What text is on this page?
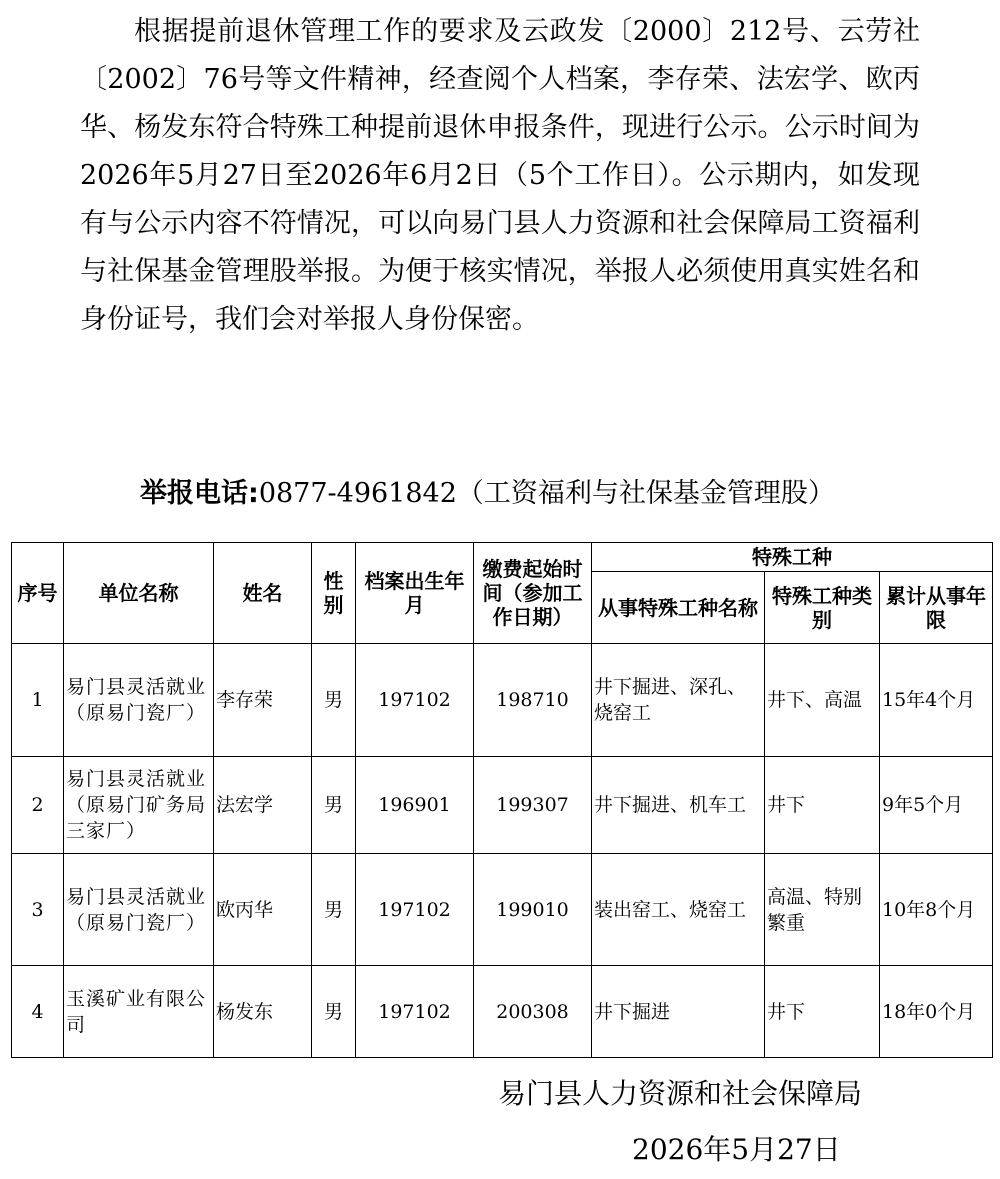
根据提前退休管理工作的要求及云政发〔2000〕212号、云劳社〔2002〕76号等文件精神，经查阅个人档案，李存荣、法宏学、欧丙华、杨发东符合特殊工种提前退休申报条件，现进行公示。公示时间为2026年5月27日至2026年6月2日（5个工作日）。公示期内，如发现有与公示内容不符情况，可以向易门县人力资源和社会保障局工资福利与社保基金管理股举报。为便于核实情况，举报人必须使用真实姓名和身份证号，我们会对举报人身份保密。

举报电话:0877-4961842（工资福利与社保基金管理股）
序号	单位名称	姓名	性别	档案出生年月	缴费起始时间（参加工作日期）	特殊工种		
						从事特殊工种名称	特殊工种类别	累计从事年限
1	易门县灵活就业（原易门瓷厂）	李存荣	男	197102	198710	井下掘进、深孔、烧窑工	井下、高温	15年4个月
2	易门县灵活就业（原易门矿务局三家厂）	法宏学	男	196901	199307	井下掘进、机车工	井下	9年5个月
3	易门县灵活就业（原易门瓷厂）	欧丙华	男	197102	199010	装出窑工、烧窑工	高温、特别繁重	10年8个月
4	玉溪矿业有限公司	杨发东	男	197102	200308	井下掘进	井下	18年0个月
易门县人力资源和社会保障局
2026年5月27日
